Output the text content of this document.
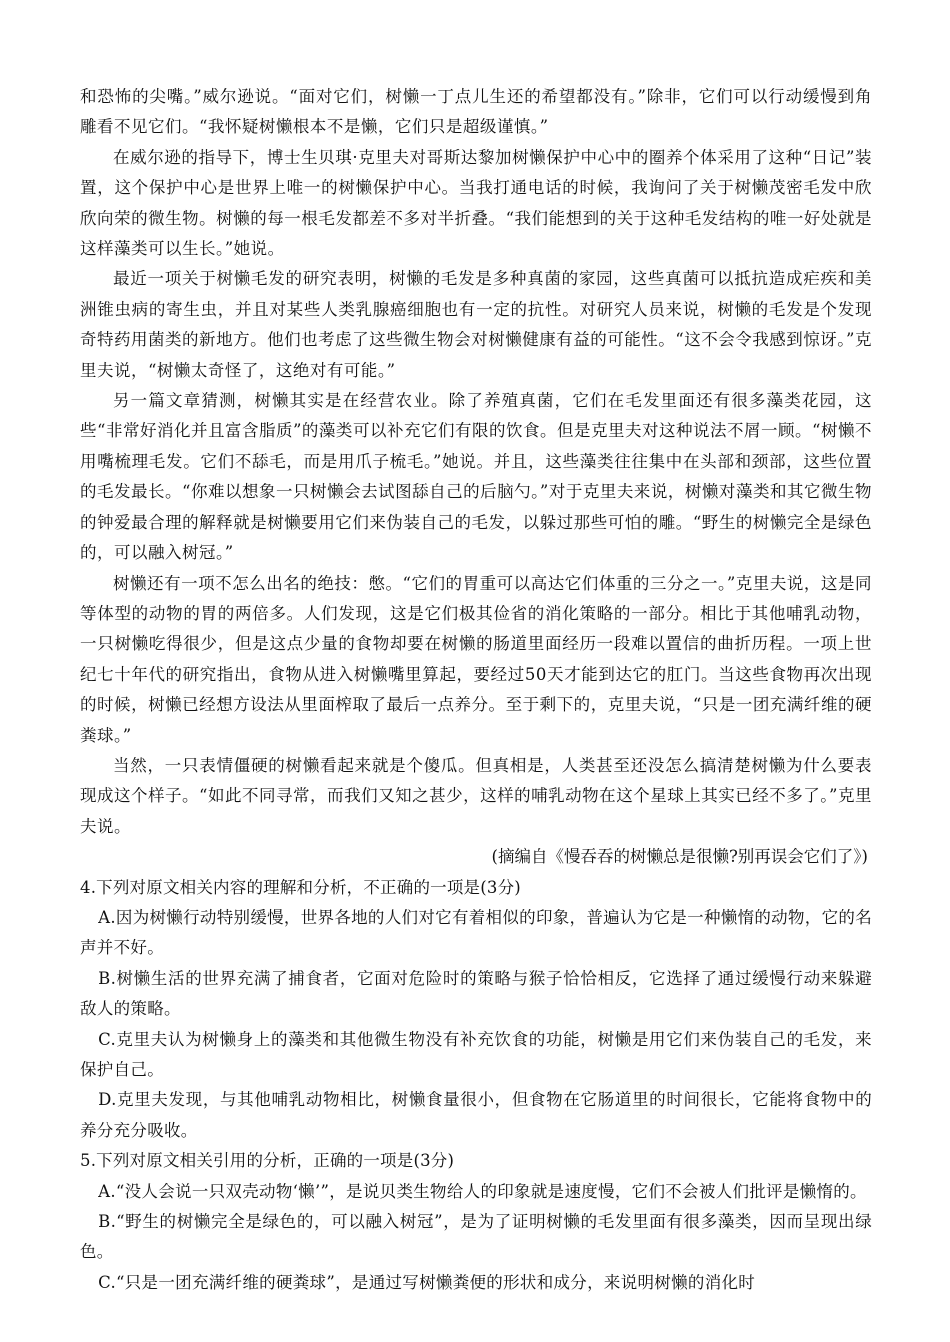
和恐怖的尖嘴。”威尔逊说。“面对它们，树懒一丁点儿生还的希望都没有。”除非，它们可以行动缓慢到角雕看不见它们。“我怀疑树懒根本不是懒，它们只是超级谨慎。”

在威尔逊的指导下，博士生贝琪·克里夫对哥斯达黎加树懒保护中心中的圈养个体采用了这种“日记”装置，这个保护中心是世界上唯一的树懒保护中心。当我打通电话的时候，我询问了关于树懒茂密毛发中欣欣向荣的微生物。树懒的每一根毛发都差不多对半折叠。“我们能想到的关于这种毛发结构的唯一好处就是这样藻类可以生长。”她说。

最近一项关于树懒毛发的研究表明，树懒的毛发是多种真菌的家园，这些真菌可以抵抗造成疟疾和美洲锥虫病的寄生虫，并且对某些人类乳腺癌细胞也有一定的抗性。对研究人员来说，树懒的毛发是个发现奇特药用菌类的新地方。他们也考虑了这些微生物会对树懒健康有益的可能性。“这不会令我感到惊讶。”克里夫说，“树懒太奇怪了，这绝对有可能。”

另一篇文章猜测，树懒其实是在经营农业。除了养殖真菌，它们在毛发里面还有很多藻类花园，这些“非常好消化并且富含脂质”的藻类可以补充它们有限的饮食。但是克里夫对这种说法不屑一顾。“树懒不用嘴梳理毛发。它们不舔毛，而是用爪子梳毛。”她说。并且，这些藻类往往集中在头部和颈部，这些位置的毛发最长。“你难以想象一只树懒会去试图舔自己的后脑勺。”对于克里夫来说，树懒对藻类和其它微生物的钟爱最合理的解释就是树懒要用它们来伪装自己的毛发，以躲过那些可怕的雕。“野生的树懒完全是绿色的，可以融入树冠。”

树懒还有一项不怎么出名的绝技：憋。“它们的胃重可以高达它们体重的三分之一。”克里夫说，这是同等体型的动物的胃的两倍多。人们发现，这是它们极其俭省的消化策略的一部分。相比于其他哺乳动物，一只树懒吃得很少，但是这点少量的食物却要在树懒的肠道里面经历一段难以置信的曲折历程。一项上世纪七十年代的研究指出，食物从进入树懒嘴里算起，要经过50天才能到达它的肛门。当这些食物再次出现的时候，树懒已经想方设法从里面榨取了最后一点养分。至于剩下的，克里夫说，“只是一团充满纤维的硬粪球。”

当然，一只表情僵硬的树懒看起来就是个傻瓜。但真相是，人类甚至还没怎么搞清楚树懒为什么要表现成这个样子。“如此不同寻常，而我们又知之甚少，这样的哺乳动物在这个星球上其实已经不多了。”克里夫说。

(摘编自《慢吞吞的树懒总是很懒?别再误会它们了》)

4.下列对原文相关内容的理解和分析，不正确的一项是(3分)

A.因为树懒行动特别缓慢，世界各地的人们对它有着相似的印象，普遍认为它是一种懒惰的动物，它的名声并不好。

B.树懒生活的世界充满了捕食者，它面对危险时的策略与猴子恰恰相反，它选择了通过缓慢行动来躲避敌人的策略。

C.克里夫认为树懒身上的藻类和其他微生物没有补充饮食的功能，树懒是用它们来伪装自己的毛发，来保护自己。

D.克里夫发现，与其他哺乳动物相比，树懒食量很小，但食物在它肠道里的时间很长，它能将食物中的养分充分吸收。

5.下列对原文相关引用的分析，正确的一项是(3分)

A.“没人会说一只双壳动物‘懒’”，是说贝类生物给人的印象就是速度慢，它们不会被人们批评是懒惰的。

B.“野生的树懒完全是绿色的，可以融入树冠”，是为了证明树懒的毛发里面有很多藻类，因而呈现出绿色。

C.“只是一团充满纤维的硬粪球”，是通过写树懒粪便的形状和成分，来说明树懒的消化时
